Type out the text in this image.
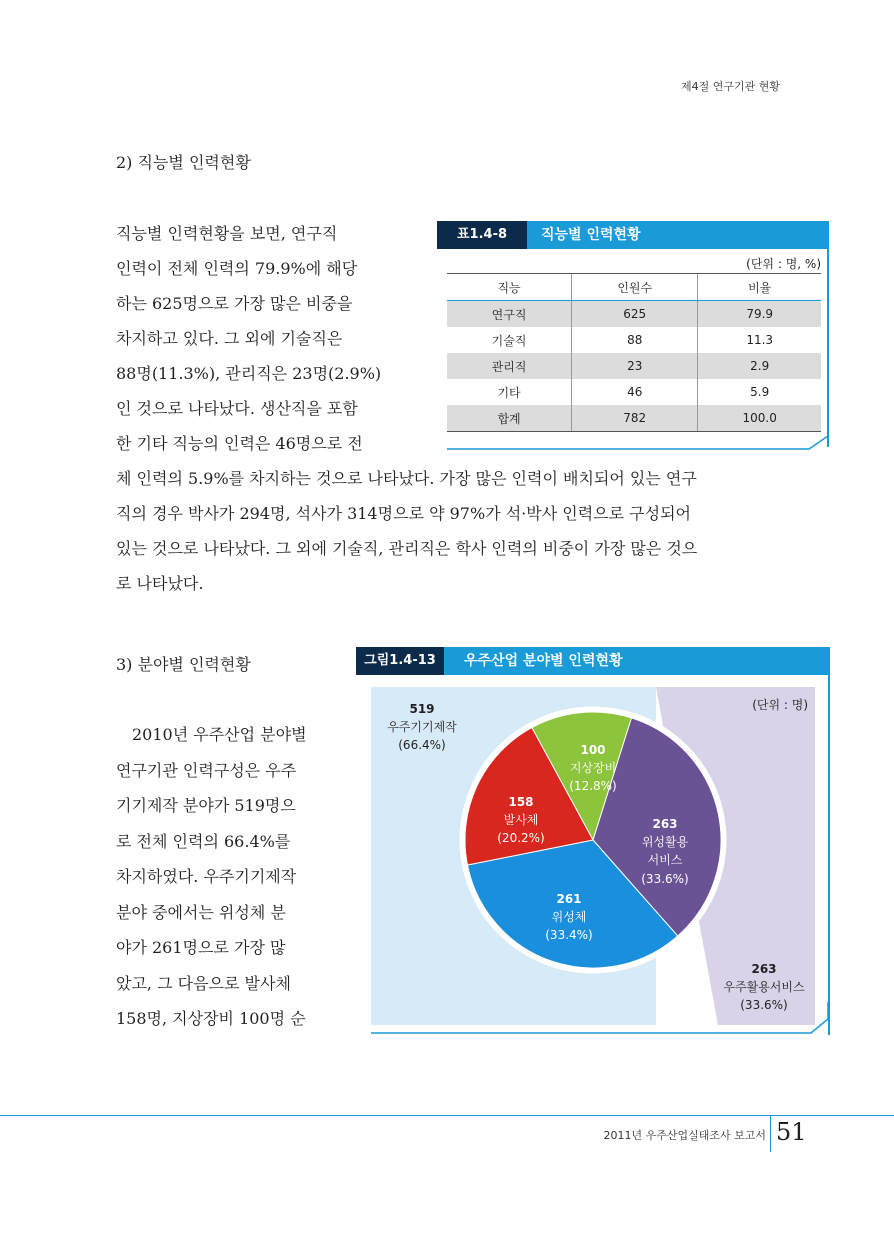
제4절 연구기관 현황
2) 직능별 인력현황
직능별 인력현황을 보면, 연구직
인력이 전체 인력의 79.9%에 해당
하는 625명으로 가장 많은 비중을
차지하고 있다. 그 외에 기술직은
88명(11.3%), 관리직은 23명(2.9%)
인 것으로 나타났다. 생산직을 포함
한 기타 직능의 인력은 46명으로 전
체 인력의 5.9%를 차지하는 것으로 나타났다. 가장 많은 인력이 배치되어 있는 연구
직의 경우 박사가 294명, 석사가 314명으로 약 97%가 석·박사 인력으로 구성되어
있는 것으로 나타났다. 그 외에 기술직, 관리직은 학사 인력의 비중이 가장 많은 것으
로 나타났다.
표1.4-8	직능별 인력현황
(단위 : 명, %)
직능	인원수	비율
연구직	625	79.9
기술직	88	11.3
관리직	23	2.9
기타	46	5.9
합계	782	100.0
3) 분야별 인력현황
2010년 우주산업 분야별
연구기관 인력구성은 우주
기기제작 분야가 519명으
로 전체 인력의 66.4%를
차지하였다. 우주기기제작
분야 중에서는 위성체 분
야가 261명으로 가장 많
았고, 그 다음으로 발사체
158명, 지상장비 100명 순
그림1.4-13	우주산업 분야별 인력현황
(단위 : 명)
519
우주기기제작
(66.4%)
263
우주활용서비스
(33.6%)
100
지상장비
(12.8%)
263
위성활용
서비스
(33.6%)
261
위성체
(33.4%)
158
발사체
(20.2%)
2011년 우주산업실태조사 보고서 51
